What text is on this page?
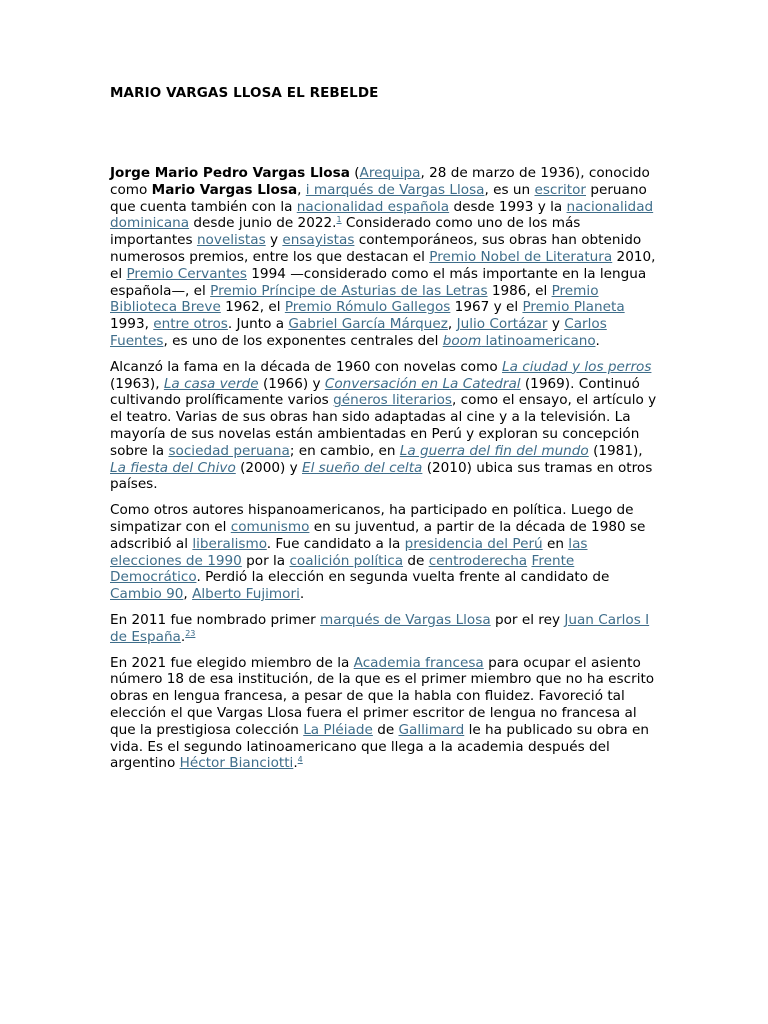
MARIO VARGAS LLOSA EL REBELDE

Jorge Mario Pedro Vargas Llosa (Arequipa, 28 de marzo de 1936), conocido como Mario Vargas Llosa, i marqués de Vargas Llosa, es un escritor peruano que cuenta también con la nacionalidad española desde 1993 y la nacionalidad dominicana desde junio de 2022.$^1$ Considerado como uno de los más importantes novelistas y ensayistas contemporáneos, sus obras han obtenido numerosos premios, entre los que destacan el Premio Nobel de Literatura 2010, el Premio Cervantes 1994 —considerado como el más importante en la lengua española—, el Premio Príncipe de Asturias de las Letras 1986, el Premio Biblioteca Breve 1962, el Premio Rómulo Gallegos 1967 y el Premio Planeta 1993, entre otros. Junto a Gabriel García Márquez, Julio Cortázar y Carlos Fuentes, es uno de los exponentes centrales del boom latinoamericano.

Alcanzó la fama en la década de 1960 con novelas como La ciudad y los perros (1963), La casa verde (1966) y Conversación en La Catedral (1969). Continuó cultivando prolíficamente varios géneros literarios, como el ensayo, el artículo y el teatro. Varias de sus obras han sido adaptadas al cine y a la televisión. La mayoría de sus novelas están ambientadas en Perú y exploran su concepción sobre la sociedad peruana; en cambio, en La guerra del fin del mundo (1981), La fiesta del Chivo (2000) y El sueño del celta (2010) ubica sus tramas en otros países.

Como otros autores hispanoamericanos, ha participado en política. Luego de simpatizar con el comunismo en su juventud, a partir de la década de 1980 se adscribió al liberalismo. Fue candidato a la presidencia del Perú en las elecciones de 1990 por la coalición política de centroderecha Frente Democrático. Perdió la elección en segunda vuelta frente al candidato de Cambio 90, Alberto Fujimori.

En 2011 fue nombrado primer marqués de Vargas Llosa por el rey Juan Carlos I de España.$^{23}$

En 2021 fue elegido miembro de la Academia francesa para ocupar el asiento número 18 de esa institución, de la que es el primer miembro que no ha escrito obras en lengua francesa, a pesar de que la habla con fluidez. Favoreció tal elección el que Vargas Llosa fuera el primer escritor de lengua no francesa al que la prestigiosa colección La Pléiade de Gallimard le ha publicado su obra en vida. Es el segundo latinoamericano que llega a la academia después del argentino Héctor Bianciotti.$^4$
